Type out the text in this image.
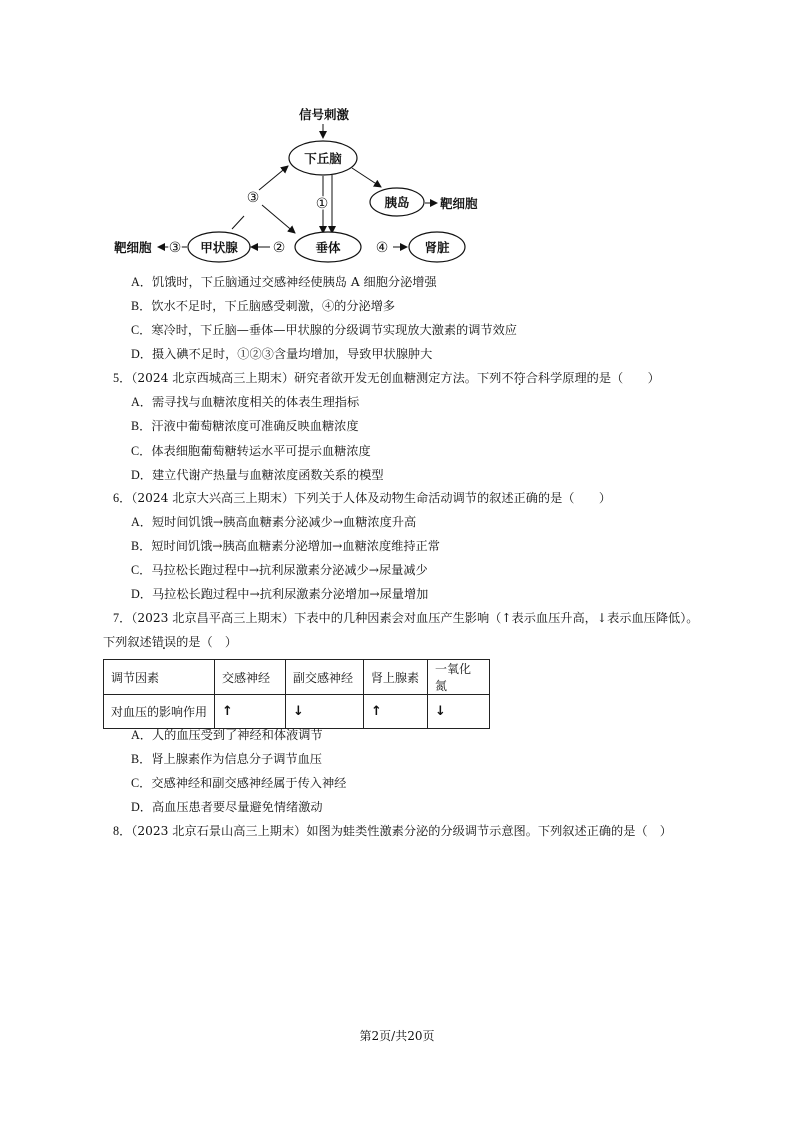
信号刺激
下丘脑
①	胰岛 靶细胞
③
甲状腺	垂体
②
③
靶细胞	④	肾脏
A．饥饿时，下丘脑通过交感神经使胰岛 A 细胞分泌增强
B．饮水不足时，下丘脑感受刺激，④的分泌增多
C．寒冷时，下丘脑—垂体—甲状腺的分级调节实现放大激素的调节效应
D．摄入碘不足时，①②③含量均增加，导致甲状腺肿大
5．（2024 北京西城高三上期末）研究者欲开发无创血糖测定方法。下列不符合科学原理的是（　　）
A．需寻找与血糖浓度相关的体表生理指标
B．汗液中葡萄糖浓度可准确反映血糖浓度
C．体表细胞葡萄糖转运水平可提示血糖浓度
D．建立代谢产热量与血糖浓度函数关系的模型
6．（2024 北京大兴高三上期末）下列关于人体及动物生命活动调节的叙述正确的是（　　）
A．短时间饥饿→胰高血糖素分泌减少→血糖浓度升高
B．短时间饥饿→胰高血糖素分泌增加→血糖浓度维持正常
C．马拉松长跑过程中→抗利尿激素分泌减少→尿量减少
D．马拉松长跑过程中→抗利尿激素分泌增加→尿量增加
7．（2023 北京昌平高三上期末）下表中的几种因素会对血压产生影响（↑表示血压升高，↓表示血压降低）。
下列叙述错误的是（　）
调节因素	交感神经	副交感神经	肾上腺素	一氧化氮
对血压的影响作用	↑	↓	↑	↓
A．人的血压受到了神经和体液调节
B．肾上腺素作为信息分子调节血压
C．交感神经和副交感神经属于传入神经
D．高血压患者要尽量避免情绪激动
8．（2023 北京石景山高三上期末）如图为蛙类性激素分泌的分级调节示意图。下列叙述正确的是（　）
第2页/共20页
